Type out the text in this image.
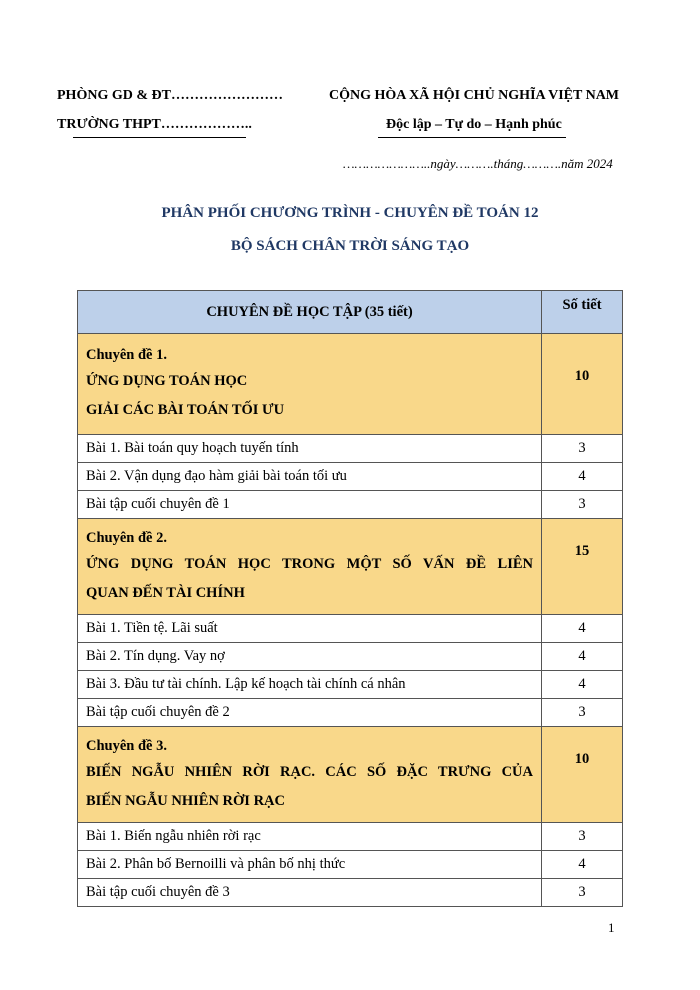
PHÒNG GD & ĐT……………………
TRƯỜNG THPT………………..
CỘNG HÒA XÃ HỘI CHỦ NGHĨA VIỆT NAM
Độc lập – Tự do – Hạnh phúc
…………………..ngày……….tháng……….năm 2024
PHÂN PHỐI CHƯƠNG TRÌNH - CHUYÊN ĐỀ TOÁN 12
BỘ SÁCH CHÂN TRỜI SÁNG TẠO
CHUYÊN ĐỀ HỌC TẬP (35 tiết)	Số tiết

Chuyên đề 1.
ỨNG DỤNG TOÁN HỌC
GIẢI CÁC BÀI TOÁN TỐI ƯU	10
Bài 1. Bài toán quy hoạch tuyến tính	3
Bài 2. Vận dụng đạo hàm giải bài toán tối ưu	4
Bài tập cuối chuyên đề 1	3

Chuyên đề 2.
ỨNG DỤNG TOÁN HỌC TRONG MỘT SỐ VẤN ĐỀ LIÊN
QUAN ĐẾN TÀI CHÍNH	15
Bài 1. Tiền tệ. Lãi suất	4
Bài 2. Tín dụng. Vay nợ	4
Bài 3. Đầu tư tài chính. Lập kế hoạch tài chính cá nhân	4
Bài tập cuối chuyên đề 2	3

Chuyên đề 3.
BIẾN NGẪU NHIÊN RỜI RẠC. CÁC SỐ ĐẶC TRƯNG CỦA
BIẾN NGẪU NHIÊN RỜI RẠC	10
Bài 1. Biến ngẫu nhiên rời rạc	3
Bài 2. Phân bố Bernoilli và phân bố nhị thức	4
Bài tập cuối chuyên đề 3	3
1
